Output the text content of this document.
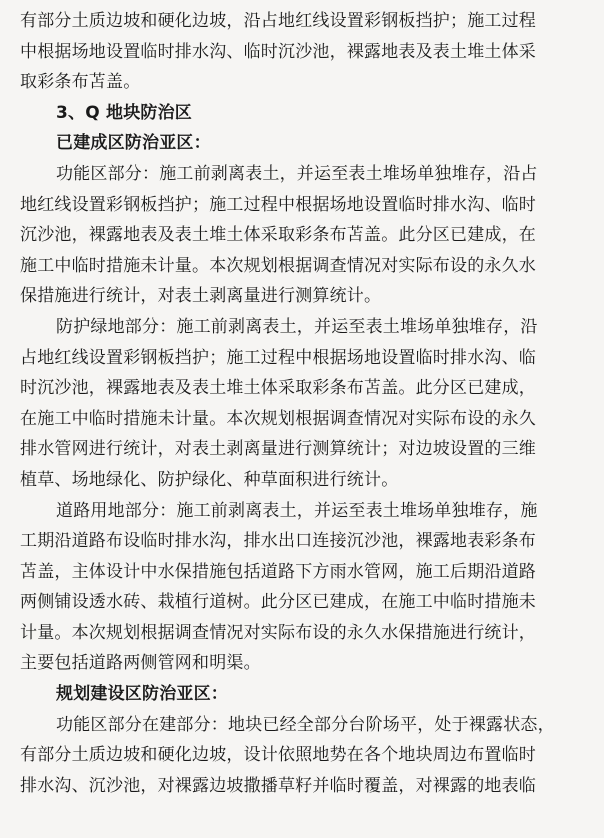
有部分土质边坡和硬化边坡，沿占地红线设置彩钢板挡护；施工过程
中根据场地设置临时排水沟、临时沉沙池，裸露地表及表土堆土体采
取彩条布苫盖。
3、Q 地块防治区
已建成区防治亚区：
功能区部分：施工前剥离表土，并运至表土堆场单独堆存，沿占
地红线设置彩钢板挡护；施工过程中根据场地设置临时排水沟、临时
沉沙池，裸露地表及表土堆土体采取彩条布苫盖。此分区已建成，在
施工中临时措施未计量。本次规划根据调查情况对实际布设的永久水
保措施进行统计，对表土剥离量进行测算统计。
防护绿地部分：施工前剥离表土，并运至表土堆场单独堆存，沿
占地红线设置彩钢板挡护；施工过程中根据场地设置临时排水沟、临
时沉沙池，裸露地表及表土堆土体采取彩条布苫盖。此分区已建成，
在施工中临时措施未计量。本次规划根据调查情况对实际布设的永久
排水管网进行统计，对表土剥离量进行测算统计；对边坡设置的三维
植草、场地绿化、防护绿化、种草面积进行统计。
道路用地部分：施工前剥离表土，并运至表土堆场单独堆存，施
工期沿道路布设临时排水沟，排水出口连接沉沙池，裸露地表彩条布
苫盖，主体设计中水保措施包括道路下方雨水管网，施工后期沿道路
两侧铺设透水砖、栽植行道树。此分区已建成，在施工中临时措施未
计量。本次规划根据调查情况对实际布设的永久水保措施进行统计，
主要包括道路两侧管网和明渠。
规划建设区防治亚区：
功能区部分在建部分：地块已经全部分台阶场平，处于裸露状态，
有部分土质边坡和硬化边坡，设计依照地势在各个地块周边布置临时
排水沟、沉沙池，对裸露边坡撒播草籽并临时覆盖，对裸露的地表临
